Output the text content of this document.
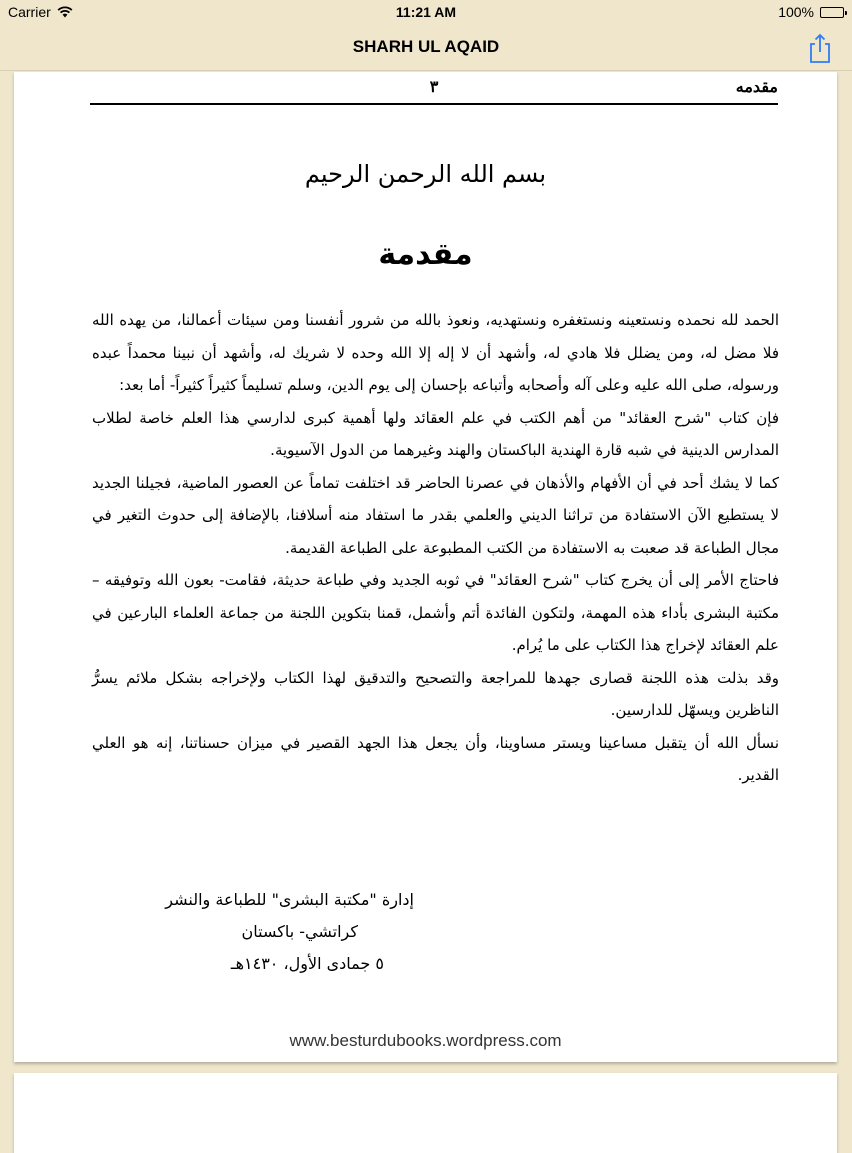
Carrier	11:21 AM	100%
SHARH UL AQAID
مقدمه
٣
بسم الله الرحمن الرحيم
مقدمة

الحمد لله نحمده ونستعينه ونستغفره ونستهديه، ونعوذ بالله من شرور أنفسنا ومن سيئات أعمالنا، من يهده الله فلا مضل له، ومن يضلل فلا هادي له، وأشهد أن لا إله إلا الله وحده لا شريك له، وأشهد أن نبينا محمداً عبده ورسوله، صلى الله عليه وعلى آله وأصحابه وأتباعه بإحسان إلى يوم الدين، وسلم تسليماً كثيراً كثيراً- أما بعد:

فإن كتاب "شرح العقائد" من أهم الكتب في علم العقائد ولها أهمية كبرى لدارسي هذا العلم خاصة لطلاب المدارس الدينية في شبه قارة الهندية الباكستان والهند وغيرهما من الدول الآسيوية.

كما لا يشك أحد في أن الأفهام والأذهان في عصرنا الحاضر قد اختلفت تماماً عن العصور الماضية، فجيلنا الجديد لا يستطيع الآن الاستفادة من تراثنا الديني والعلمي بقدر ما استفاد منه أسلافنا، بالإضافة إلى حدوث التغير في مجال الطباعة قد صعبت به الاستفادة من الكتب المطبوعة على الطباعة القديمة.

فاحتاج الأمر إلى أن يخرج كتاب "شرح العقائد" في ثوبه الجديد وفي طباعة حديثة، فقامت- بعون الله وتوفيقه – مكتبة البشرى بأداء هذه المهمة، ولتكون الفائدة أتم وأشمل، قمنا بتكوين اللجنة من جماعة العلماء البارعين في علم العقائد لإخراج هذا الكتاب على ما يُرام.

وقد بذلت هذه اللجنة قصارى جهدها للمراجعة والتصحيح والتدقيق لهذا الكتاب ولإخراجه بشكل ملائم يسرُّ الناظرين ويسهّل للدارسين.

نسأل الله أن يتقبل مساعينا ويستر مساوينا، وأن يجعل هذا الجهد القصير في ميزان حسناتنا، إنه هو العلي القدير.

إدارة "مكتبة البشرى" للطباعة والنشر
كراتشي- باكستان
٥ جمادى الأول، ١٤٣٠هـ
www.besturdubooks.wordpress.com
